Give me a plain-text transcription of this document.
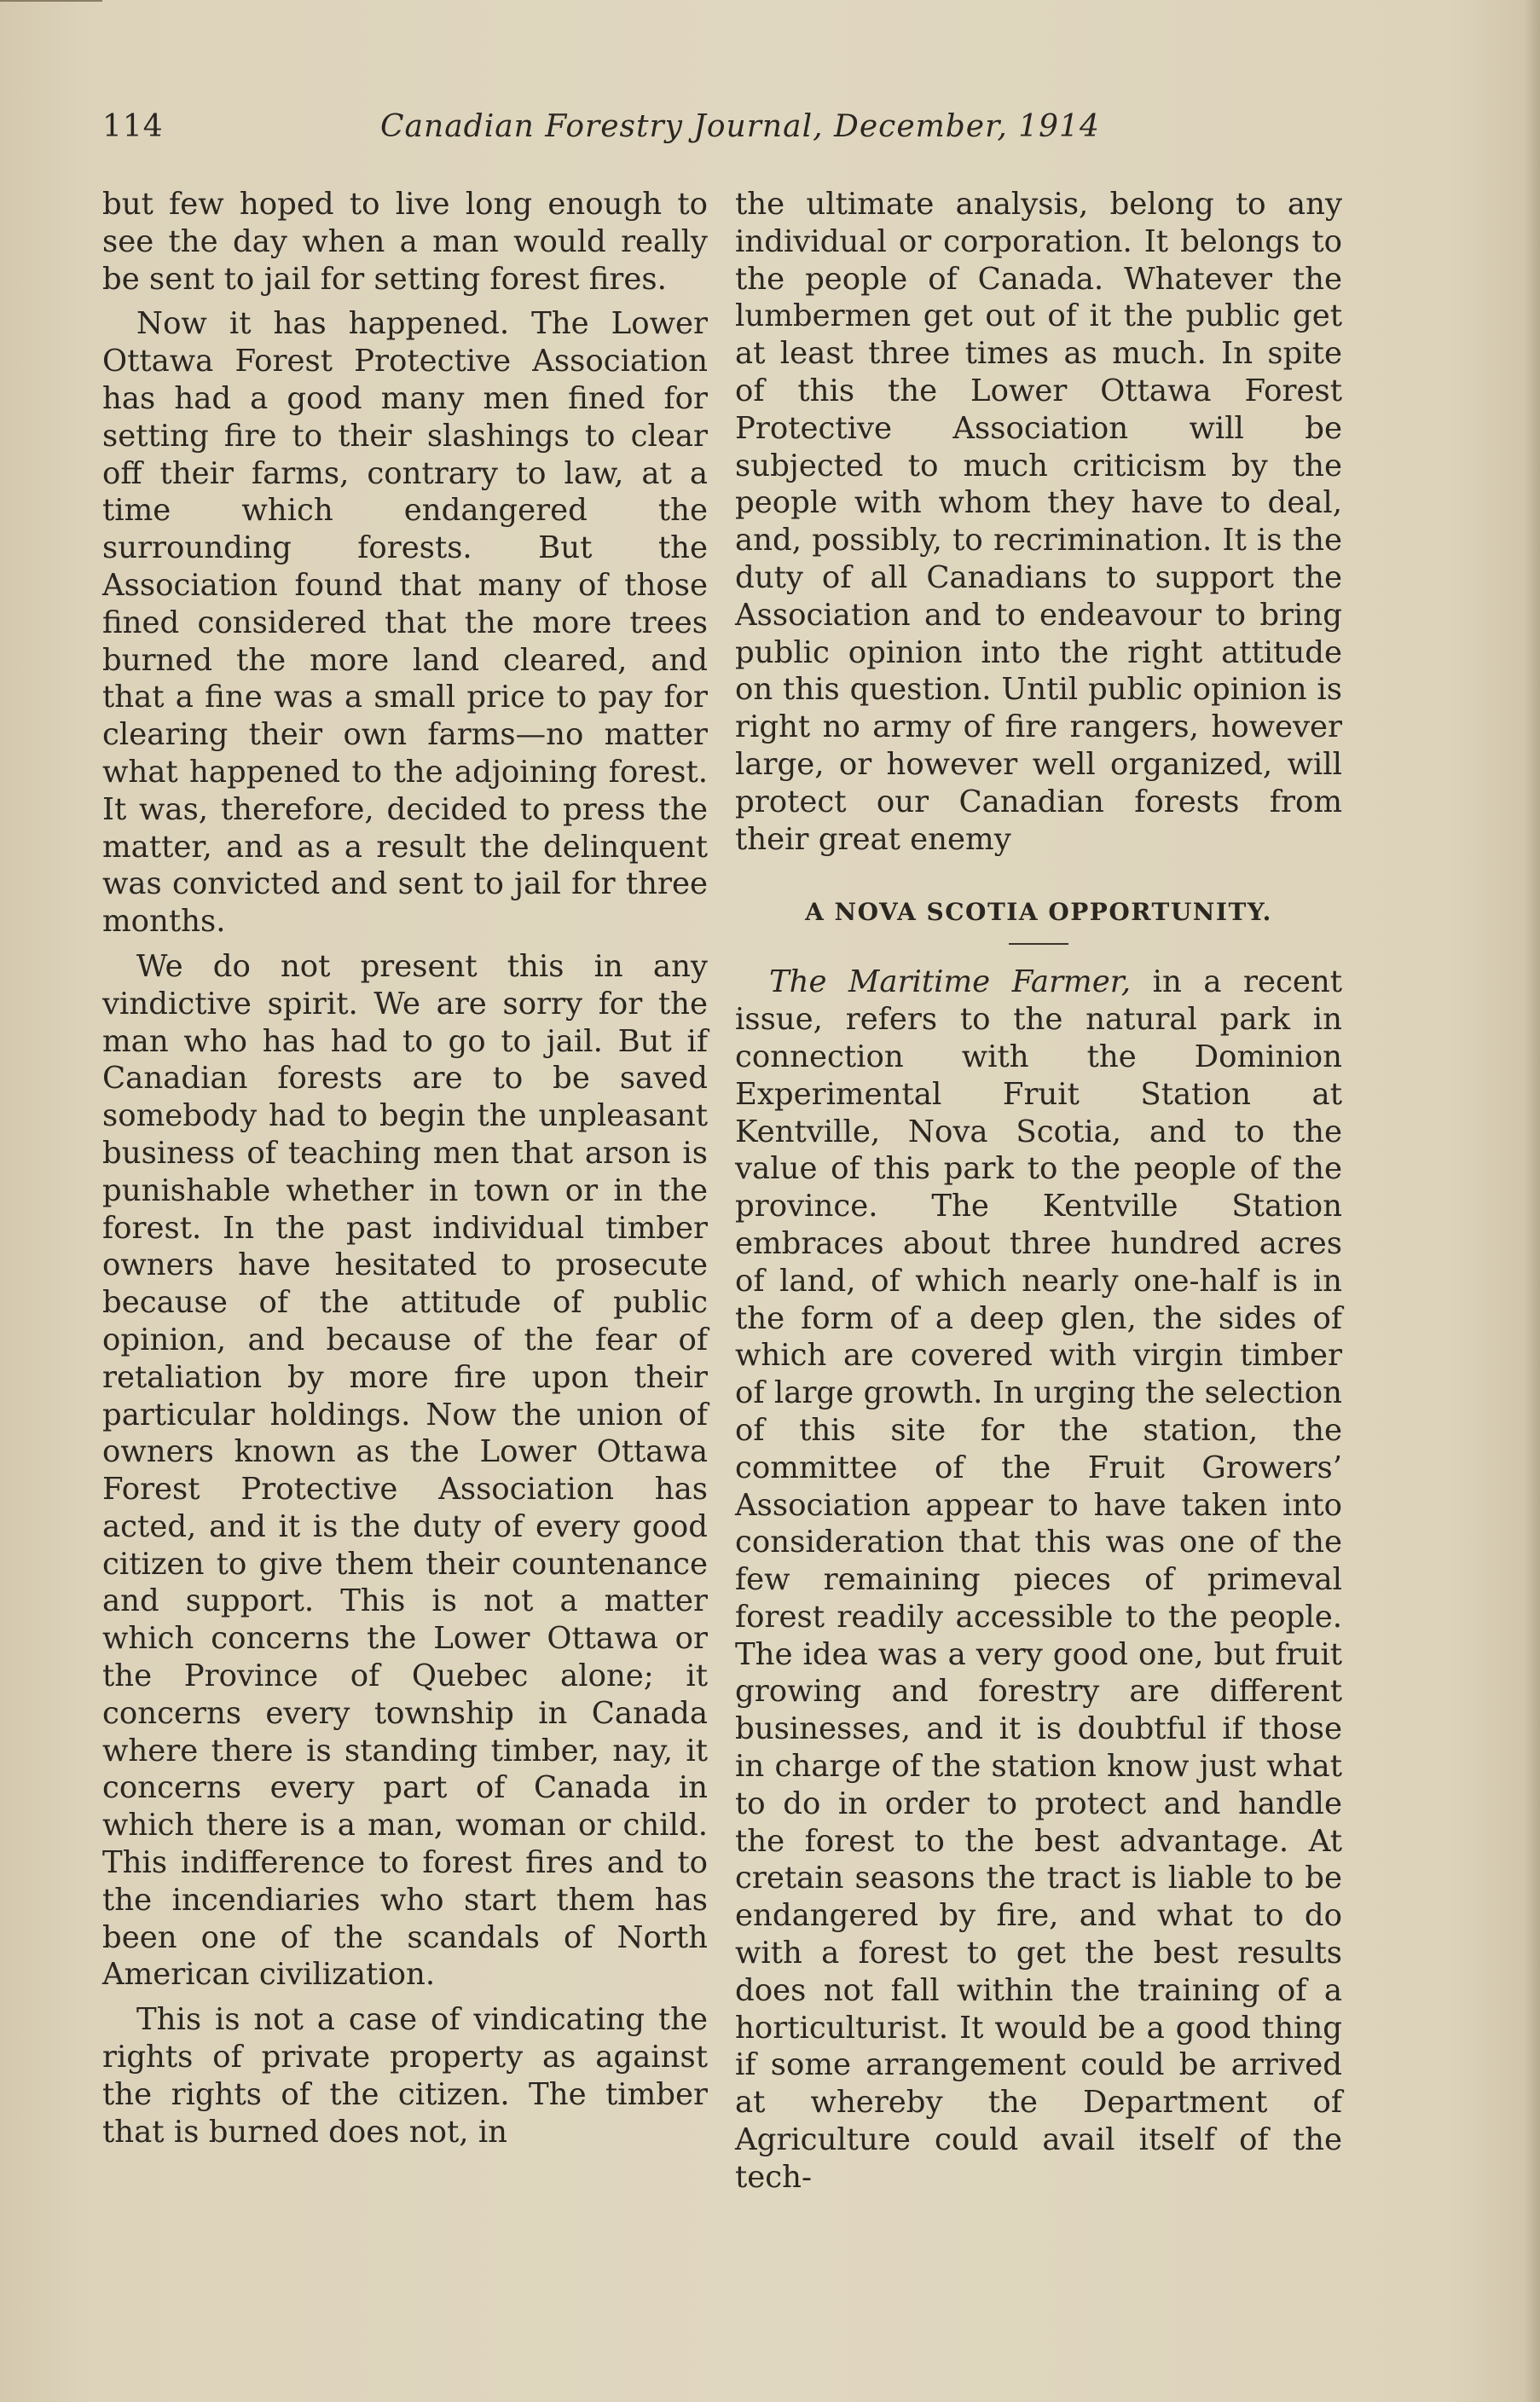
114	Canadian Forestry Journal, December, 1914

but few hoped to live long enough to see the day when a man would really be sent to jail for setting forest fires.

Now it has happened. The Lower Ottawa Forest Protective Association has had a good many men fined for setting fire to their slashings to clear off their farms, contrary to law, at a time which endangered the surrounding forests. But the Association found that many of those fined considered that the more trees burned the more land cleared, and that a fine was a small price to pay for clearing their own farms—no matter what happened to the adjoining forest. It was, therefore, decided to press the matter, and as a result the delinquent was convicted and sent to jail for three months.

We do not present this in any vindictive spirit. We are sorry for the man who has had to go to jail. But if Canadian forests are to be saved somebody had to begin the unpleasant business of teaching men that arson is punishable whether in town or in the forest. In the past individual timber owners have hesitated to prosecute because of the attitude of public opinion, and because of the fear of retaliation by more fire upon their particular holdings. Now the union of owners known as the Lower Ottawa Forest Protective Association has acted, and it is the duty of every good citizen to give them their countenance and support. This is not a matter which concerns the Lower Ottawa or the Province of Quebec alone; it concerns every township in Canada where there is standing timber, nay, it concerns every part of Canada in which there is a man, woman or child. This indifference to forest fires and to the incendiaries who start them has been one of the scandals of North American civilization.

This is not a case of vindicating the rights of private property as against the rights of the citizen. The timber that is burned does not, in

the ultimate analysis, belong to any individual or corporation. It belongs to the people of Canada. Whatever the lumbermen get out of it the public get at least three times as much. In spite of this the Lower Ottawa Forest Protective Association will be subjected to much criticism by the people with whom they have to deal, and, possibly, to recrimination. It is the duty of all Canadians to support the Association and to endeavour to bring public opinion into the right attitude on this question. Until public opinion is right no army of fire rangers, however large, or however well organized, will protect our Canadian forests from their great enemy

A NOVA SCOTIA OPPORTUNITY.

The Maritime Farmer, in a recent issue, refers to the natural park in connection with the Dominion Experimental Fruit Station at Kentville, Nova Scotia, and to the value of this park to the people of the province. The Kentville Station embraces about three hundred acres of land, of which nearly one-half is in the form of a deep glen, the sides of which are covered with virgin timber of large growth. In urging the selection of this site for the station, the committee of the Fruit Growers’ Association appear to have taken into consideration that this was one of the few remaining pieces of primeval forest readily accessible to the people. The idea was a very good one, but fruit growing and forestry are different businesses, and it is doubtful if those in charge of the station know just what to do in order to protect and handle the forest to the best advantage. At cretain seasons the tract is liable to be endangered by fire, and what to do with a forest to get the best results does not fall within the training of a horticulturist. It would be a good thing if some arrangement could be arrived at whereby the Department of Agriculture could avail itself of the tech-
